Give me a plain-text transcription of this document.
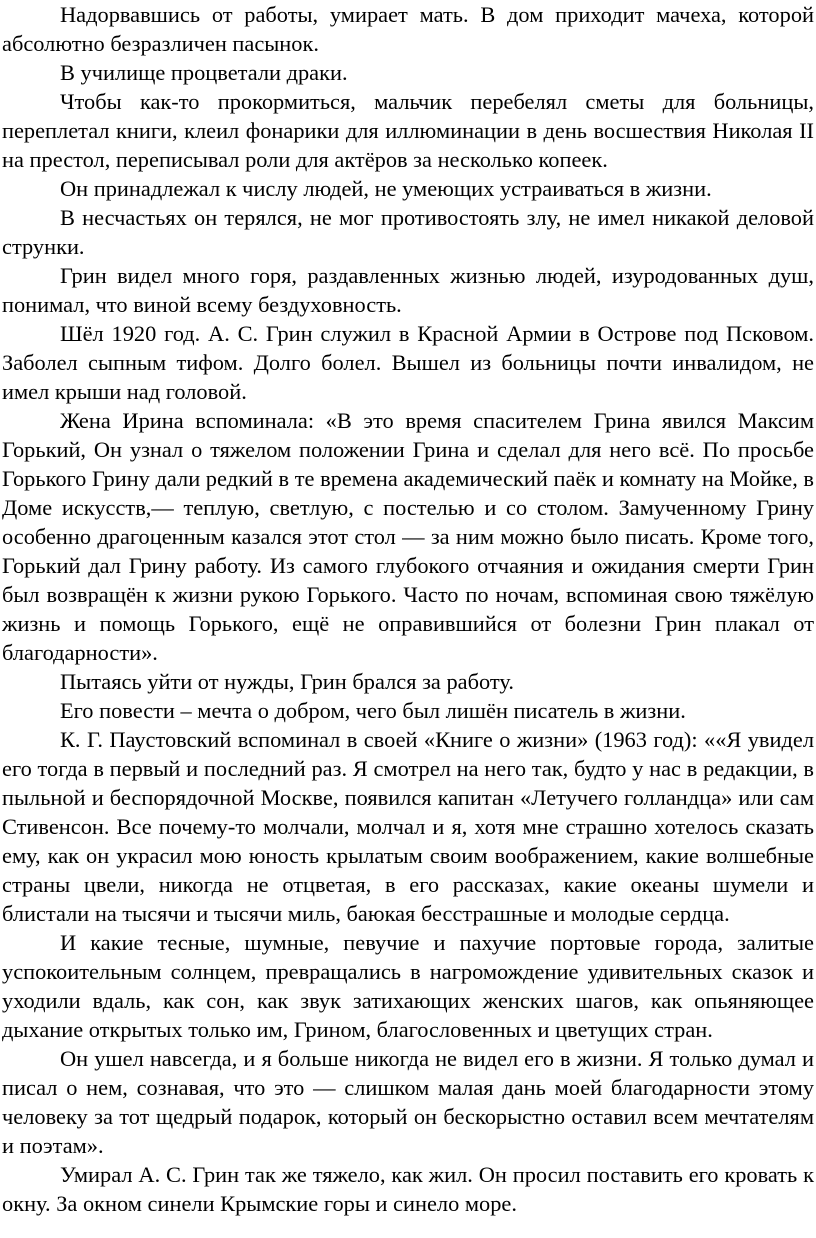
Надорвавшись от работы, умирает мать. В дом приходит мачеха, которой абсолютно безразличен пасынок.

В училище процветали драки.

Чтобы как-то прокормиться, мальчик перебелял сметы для больницы, переплетал книги, клеил фонарики для иллюминации в день восшествия Николая II на престол, переписывал роли для актёров за несколько копеек.

Он принадлежал к числу людей, не умеющих устраиваться в жизни.

В несчастьях он терялся, не мог противостоять злу, не имел никакой деловой струнки.

Грин видел много горя, раздавленных жизнью людей, изуродованных душ, понимал, что виной всему бездуховность.

Шёл 1920 год. А. С. Грин служил в Красной Армии в Острове под Псковом. Заболел сыпным тифом. Долго болел. Вышел из больницы почти инвалидом, не имел крыши над головой.

Жена Ирина вспоминала: «В это время спасителем Грина явился Максим Горький, Он узнал о тяжелом положении Грина и сделал для него всё. По просьбе Горького Грину дали редкий в те времена академический паёк и комнату на Мойке, в Доме искусств,— теплую, светлую, с постелью и со столом. Замученному Грину особенно драгоценным казался этот стол — за ним можно было писать. Кроме того, Горький дал Грину работу. Из самого глубокого отчаяния и ожидания смерти Грин был возвращён к жизни рукою Горького. Часто по ночам, вспоминая свою тяжёлую жизнь и помощь Горького, ещё не оправившийся от болезни Грин плакал от благодарности».

Пытаясь уйти от нужды, Грин брался за работу.

Его повести – мечта о добром, чего был лишён писатель в жизни.

К. Г. Паустовский вспоминал в своей «Книге о жизни» (1963 год): ««Я увидел его тогда в первый и последний раз. Я смотрел на него так, будто у нас в редакции, в пыльной и беспорядочной Москве, появился капитан «Летучего голландца» или сам Стивенсон. Все почему-то молчали, молчал и я, хотя мне страшно хотелось сказать ему, как он украсил мою юность крылатым своим воображением, какие волшебные страны цвели, никогда не отцветая, в его рассказах, какие океаны шумели и блистали на тысячи и тысячи миль, баюкая бесстрашные и молодые сердца.

И какие тесные, шумные, певучие и пахучие портовые города, залитые успокоительным солнцем, превращались в нагромождение удивительных сказок и уходили вдаль, как сон, как звук затихающих женских шагов, как опьяняющее дыхание открытых только им, Грином, благословенных и цветущих стран.

Он ушел навсегда, и я больше никогда не видел его в жизни. Я только думал и писал о нем, сознавая, что это — слишком малая дань моей благодарности этому человеку за тот щедрый подарок, который он бескорыстно оставил всем мечтателям и поэтам».

Умирал А. С. Грин так же тяжело, как жил. Он просил поставить его кровать к окну. За окном синели Крымские горы и синело море.
